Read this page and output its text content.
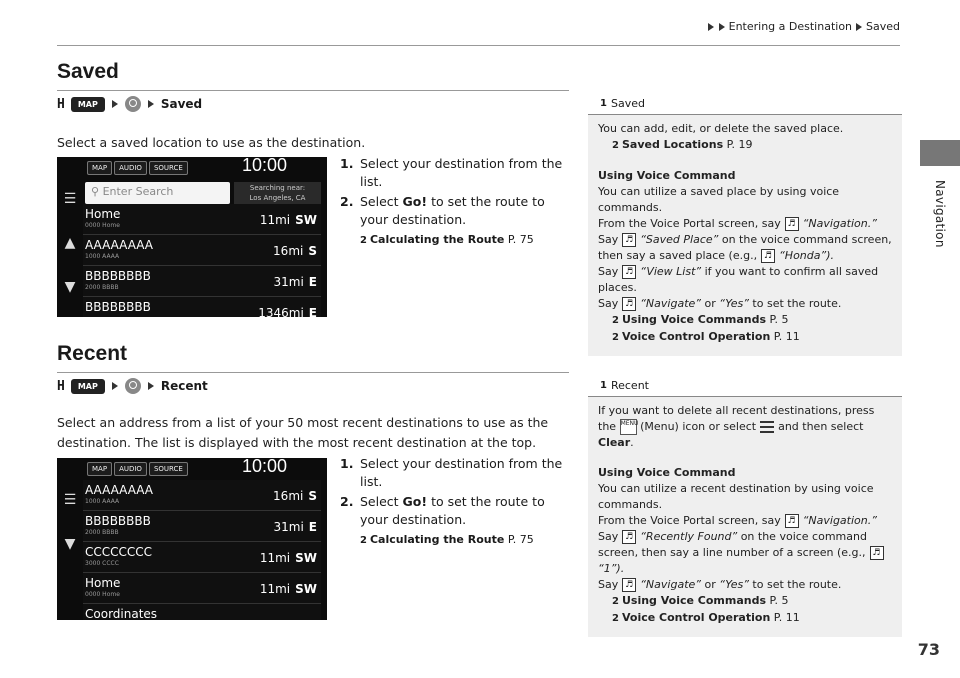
Entering a Destination Saved
Navigation
Saved
H	MAP	Saved

Select a saved location to use as the destination.

MAP	AUDIO	SOURCE	10:00
☰
▲
▼
⚲ Enter Search	Searching near:
Los Angeles, CA
Home
0000 Home	11mi SW
AAAAAAAA
1000 AAAA	16mi S
BBBBBBBB
2000 BBBB	31mi E
BBBBBBBB	1346mi E
1. Select your destination from the list.
2. Select Go! to set the route to your destination.
2 Calculating the Route P. 75
Recent
H	MAP	Recent
Select an address from a list of your 50 most recent destinations to use as the
destination. The list is displayed with the most recent destination at the top.
MAP	AUDIO	SOURCE	10:00
☰
▼
AAAAAAAA
1000 AAAA	16mi S
BBBBBBBB
2000 BBBB	31mi E
CCCCCCCC
3000 CCCC	11mi SW
Home
0000 Home	11mi SW
Coordinates
1. Select your destination from the list.
2. Select Go! to set the route to your destination.
2 Calculating the Route P. 75
1 Saved

You can add, edit, or delete the saved place.

2 Saved Locations P. 19

Using Voice Command

You can utilize a saved place by using voice commands.

From the Voice Portal screen, say ♬ “Navigation.”

Say ♬ “Saved Place” on the voice command screen, then say a saved place (e.g., ♬ “Honda”).

Say ♬ “View List” if you want to confirm all saved places.

Say ♬ “Navigate” or “Yes” to set the route.

2 Using Voice Commands P. 5

2 Voice Control Operation P. 11

1 Recent

If you want to delete all recent destinations, press the MENU (Menu) icon or select and then select Clear.

Using Voice Command

You can utilize a recent destination by using voice commands.

From the Voice Portal screen, say ♬ “Navigation.”

Say ♬ “Recently Found” on the voice command screen, then say a line number of a screen (e.g., ♬“1”).

Say ♬ “Navigate” or “Yes” to set the route.

2 Using Voice Commands P. 5

2 Voice Control Operation P. 11

73
